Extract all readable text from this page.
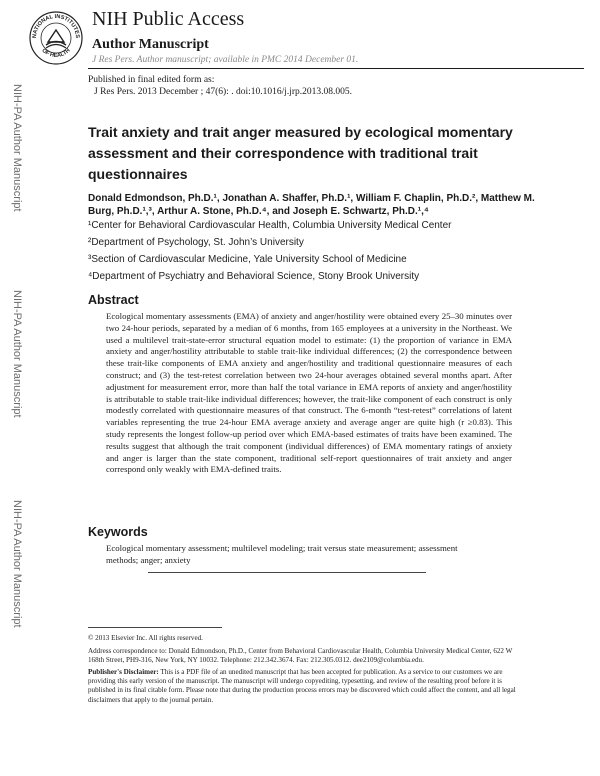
NIH-PA Author Manuscript
NIH-PA Author Manuscript
NIH-PA Author Manuscript
NATIONAL INSTITUTES
OF HEALTH
NIH Public Access
Author Manuscript
J Res Pers. Author manuscript; available in PMC 2014 December 01.
Published in final edited form as:
J Res Pers. 2013 December ; 47(6): . doi:10.1016/j.jrp.2013.08.005.
Trait anxiety and trait anger measured by ecological momentary assessment and their correspondence with traditional trait questionnaires
Donald Edmondson, Ph.D.¹, Jonathan A. Shaffer, Ph.D.¹, William F. Chaplin, Ph.D.², Matthew M. Burg, Ph.D.¹,³, Arthur A. Stone, Ph.D.⁴, and Joseph E. Schwartz, Ph.D.¹,⁴
¹Center for Behavioral Cardiovascular Health, Columbia University Medical Center
²Department of Psychology, St. John’s University
³Section of Cardiovascular Medicine, Yale University School of Medicine
⁴Department of Psychiatry and Behavioral Science, Stony Brook University
Abstract

Ecological momentary assessments (EMA) of anxiety and anger/hostility were obtained every 25–30 minutes over two 24-hour periods, separated by a median of 6 months, from 165 employees at a university in the Northeast. We used a multilevel trait-state-error structural equation model to estimate: (1) the proportion of variance in EMA anxiety and anger/hostility attributable to stable trait-like individual differences; (2) the correspondence between these trait-like components of EMA anxiety and anger/hostility and traditional questionnaire measures of each construct; and (3) the test-retest correlation between two 24-hour averages obtained several months apart. After adjustment for measurement error, more than half the total variance in EMA reports of anxiety and anger/hostility is attributable to stable trait-like individual differences; however, the trait-like component of each construct is only modestly correlated with questionnaire measures of that construct. The 6-month “test-retest” correlations of latent variables representing the true 24-hour EMA average anxiety and average anger are quite high (r ≥0.83). This study represents the longest follow-up period over which EMA-based estimates of traits have been examined. The results suggest that although the trait component (individual differences) of EMA momentary ratings of anxiety and anger is larger than the state component, traditional self-report questionnaires of trait anxiety and anger correspond only weakly with EMA-defined traits.

Keywords
Ecological momentary assessment; multilevel modeling; trait versus state measurement; assessment methods; anger; anxiety

© 2013 Elsevier Inc. All rights reserved.

Address correspondence to: Donald Edmondson, Ph.D., Center from Behavioral Cardiovascular Health, Columbia University Medical Center, 622 W 168th Street, PH9-316, New York, NY 10032. Telephone: 212.342.3674. Fax: 212.305.0312. dee2109@columbia.edu.

Publisher's Disclaimer: This is a PDF file of an unedited manuscript that has been accepted for publication. As a service to our customers we are providing this early version of the manuscript. The manuscript will undergo copyediting, typesetting, and review of the resulting proof before it is published in its final citable form. Please note that during the production process errors may be discovered which could affect the content, and all legal disclaimers that apply to the journal pertain.
